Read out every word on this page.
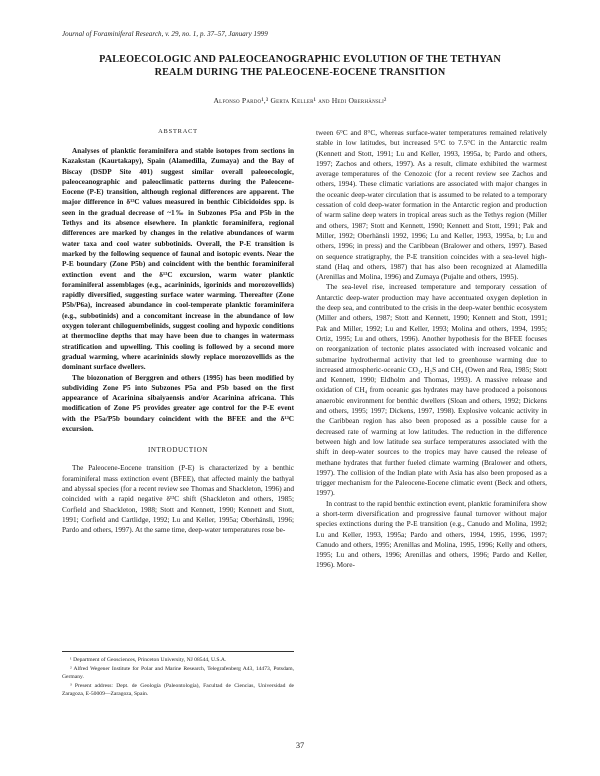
Journal of Foraminiferal Research, v. 29, no. 1, p. 37–57, January 1999
PALEOECOLOGIC AND PALEOCEANOGRAPHIC EVOLUTION OF THE TETHYAN
REALM DURING THE PALEOCENE-EOCENE TRANSITION
Alfonso Pardo¹,³ Gerta Keller¹ and Hedi Oberhänsli²
ABSTRACT

Analyses of planktic foraminifera and stable isotopes from sections in Kazakstan (Kaurtakapy), Spain (Alamedilla, Zumaya) and the Bay of Biscay (DSDP Site 401) suggest similar overall paleoecologic, paleoceanographic and paleoclimatic patterns during the Paleocene-Eocene (P-E) transition, although regional differences are apparent. The major difference in δ¹³C values measured in benthic Cibicidoides spp. is seen in the gradual decrease of ~1‰ in Subzones P5a and P5b in the Tethys and its absence elsewhere. In planktic foraminifera, regional differences are marked by changes in the relative abundances of warm water taxa and cool water subbotinids. Overall, the P-E transition is marked by the following sequence of faunal and isotopic events. Near the P-E boundary (Zone P5b) and coincident with the benthic foraminiferal extinction event and the δ¹³C excursion, warm water planktic foraminiferal assemblages (e.g., acarininids, igorinids and morozovellids) rapidly diversified, suggesting surface water warming. Thereafter (Zone P5b/P6a), increased abundance in cool-temperate planktic foraminifera (e.g., subbotinids) and a concomitant increase in the abundance of low oxygen tolerant chiloguembelinids, suggest cooling and hypoxic conditions at thermocline depths that may have been due to changes in watermass stratification and upwelling. This cooling is followed by a second more gradual warming, where acarininids slowly replace morozovellids as the dominant surface dwellers.

The biozonation of Berggren and others (1995) has been modified by subdividing Zone P5 into Subzones P5a and P5b based on the first appearance of Acarinina sibaiyaensis and/or Acarinina africana. This modification of Zone P5 provides greater age control for the P-E event with the P5a/P5b boundary coincident with the BFEE and the δ¹³C excursion.

INTRODUCTION

The Paleocene-Eocene transition (P-E) is characterized by a benthic foraminiferal mass extinction event (BFEE), that affected mainly the bathyal and abyssal species (for a recent review see Thomas and Shackleton, 1996) and coincided with a rapid negative δ¹³C shift (Shackleton and others, 1985; Corfield and Shackleton, 1988; Stott and Kennett, 1990; Kennett and Stott, 1991; Corfield and Cartlidge, 1992; Lu and Keller, 1995a; Oberhänsli, 1996; Pardo and others, 1997). At the same time, deep-water temperatures rose be-

¹ Department of Geosciences, Princeton University, NJ 08544, U.S.A.

² Alfred Wegener Institute for Polar and Marine Research, Telegrafenberg A43, 14473, Potsdam, Germany.

³ Present address: Dept. de Geología (Paleontología), Facultad de Ciencias, Universidad de Zaragoza, E-50009—Zaragoza, Spain.

tween 6°C and 8°C, whereas surface-water temperatures remained relatively stable in low latitudes, but increased 5°C to 7.5°C in the Antarctic realm (Kennett and Stott, 1991; Lu and Keller, 1993, 1995a, b; Pardo and others, 1997; Zachos and others, 1997). As a result, climate exhibited the warmest average temperatures of the Cenozoic (for a recent review see Zachos and others, 1994). These climatic variations are associated with major changes in the oceanic deep-water circulation that is assumed to be related to a temporary cessation of cold deep-water formation in the Antarctic region and production of warm saline deep waters in tropical areas such as the Tethys region (Miller and others, 1987; Stott and Kennett, 1990; Kennett and Stott, 1991; Pak and Miller, 1992; Oberhänsli 1992, 1996; Lu and Keller, 1993, 1995a, b; Lu and others, 1996; in press) and the Caribbean (Bralower and others, 1997). Based on sequence stratigraphy, the P-E transition coincides with a sea-level high-stand (Haq and others, 1987) that has also been recognized at Alamedilla (Arenillas and Molina, 1996) and Zumaya (Pujalte and others, 1995).

The sea-level rise, increased temperature and temporary cessation of Antarctic deep-water production may have accentuated oxygen depletion in the deep sea, and contributed to the crisis in the deep-water benthic ecosystem (Miller and others, 1987; Stott and Kennett, 1990; Kennett and Stott, 1991; Pak and Miller, 1992; Lu and Keller, 1993; Molina and others, 1994, 1995; Ortiz, 1995; Lu and others, 1996). Another hypothesis for the BFEE focuses on reorganization of tectonic plates associated with increased volcanic and submarine hydrothermal activity that led to greenhouse warming due to increased atmospheric-oceanic CO₂, H₂S and CH₄ (Owen and Rea, 1985; Stott and Kennett, 1990; Eldholm and Thomas, 1993). A massive release and oxidation of CH₄ from oceanic gas hydrates may have produced a poisonous anaerobic environment for benthic dwellers (Sloan and others, 1992; Dickens and others, 1995; 1997; Dickens, 1997, 1998). Explosive volcanic activity in the Caribbean region has also been proposed as a possible cause for a decreased rate of warming at low latitudes. The reduction in the difference between high and low latitude sea surface temperatures associated with the shift in deep-water sources to the tropics may have caused the release of methane hydrates that further fueled climate warming (Bralower and others, 1997). The collision of the Indian plate with Asia has also been proposed as a trigger mechanism for the Paleocene-Eocene climatic event (Beck and others, 1997).

In contrast to the rapid benthic extinction event, planktic foraminifera show a short-term diversification and progressive faunal turnover without major species extinctions during the P-E transition (e.g., Canudo and Molina, 1992; Lu and Keller, 1993, 1995a; Pardo and others, 1994, 1995, 1996, 1997; Canudo and others, 1995; Arenillas and Molina, 1995, 1996; Kelly and others, 1995; Lu and others, 1996; Arenillas and others, 1996; Pardo and Keller, 1996). More-

37
